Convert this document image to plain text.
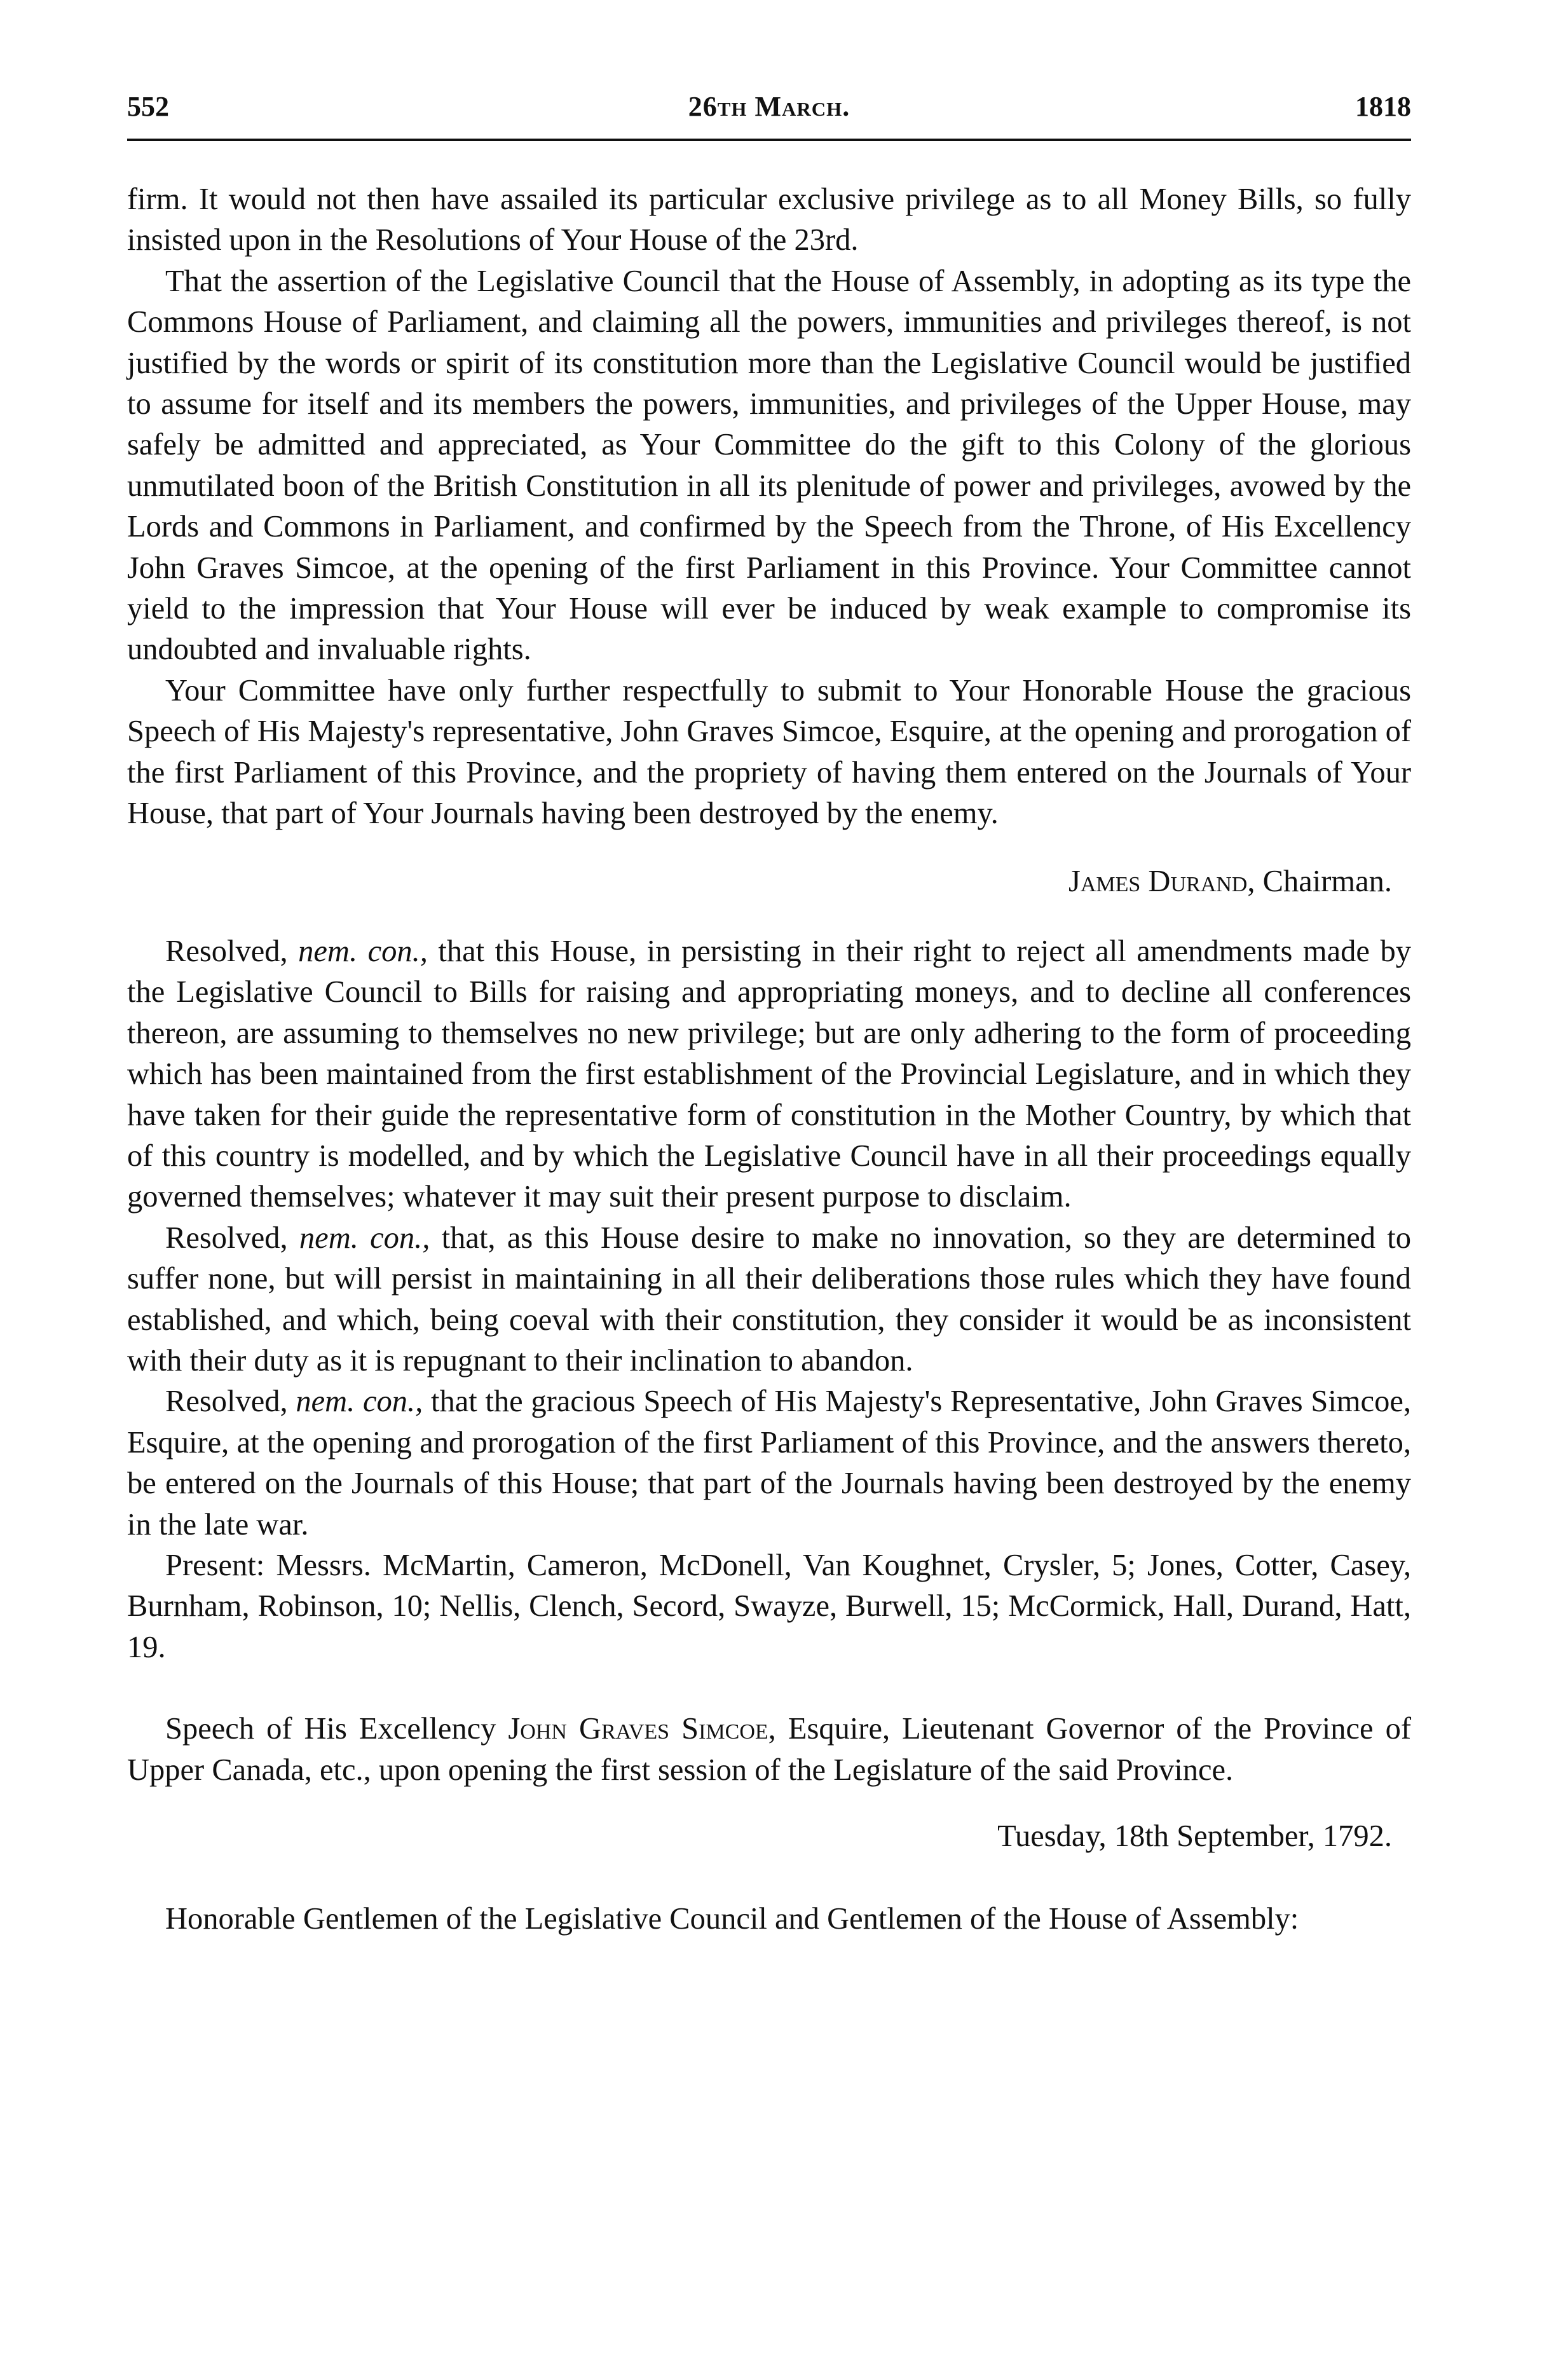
552	26th March.	1818

firm. It would not then have assailed its particular exclusive privilege as to all Money Bills, so fully insisted upon in the Resolutions of Your House of the 23rd.

That the assertion of the Legislative Council that the House of Assembly, in adopting as its type the Commons House of Parliament, and claiming all the powers, immunities and privileges thereof, is not justified by the words or spirit of its constitution more than the Legislative Council would be justified to assume for itself and its members the powers, immunities, and privileges of the Upper House, may safely be admitted and appreciated, as Your Committee do the gift to this Colony of the glorious unmutilated boon of the British Constitution in all its plenitude of power and privileges, avowed by the Lords and Commons in Parliament, and confirmed by the Speech from the Throne, of His Excellency John Graves Simcoe, at the opening of the first Parliament in this Province. Your Committee cannot yield to the impression that Your House will ever be induced by weak example to compromise its undoubted and invaluable rights.

Your Committee have only further respectfully to submit to Your Honorable House the gracious Speech of His Majesty's representative, John Graves Simcoe, Esquire, at the opening and prorogation of the first Parliament of this Province, and the propriety of having them entered on the Journals of Your House, that part of Your Journals having been destroyed by the enemy.

James Durand, Chairman.

Resolved, nem. con., that this House, in persisting in their right to reject all amendments made by the Legislative Council to Bills for raising and appropriating moneys, and to decline all conferences thereon, are assuming to themselves no new privilege; but are only adhering to the form of proceeding which has been maintained from the first establishment of the Provincial Legislature, and in which they have taken for their guide the representative form of constitution in the Mother Country, by which that of this country is modelled, and by which the Legislative Council have in all their proceedings equally governed themselves; whatever it may suit their present purpose to disclaim.

Resolved, nem. con., that, as this House desire to make no innovation, so they are determined to suffer none, but will persist in maintaining in all their deliberations those rules which they have found established, and which, being coeval with their constitution, they consider it would be as inconsistent with their duty as it is repugnant to their inclination to abandon.

Resolved, nem. con., that the gracious Speech of His Majesty's Representative, John Graves Simcoe, Esquire, at the opening and prorogation of the first Parliament of this Province, and the answers thereto, be entered on the Journals of this House; that part of the Journals having been destroyed by the enemy in the late war.

Present: Messrs. McMartin, Cameron, McDonell, Van Koughnet, Crysler, 5; Jones, Cotter, Casey, Burnham, Robinson, 10; Nellis, Clench, Secord, Swayze, Burwell, 15; McCormick, Hall, Durand, Hatt, 19.

Speech of His Excellency John Graves Simcoe, Esquire, Lieutenant Governor of the Province of Upper Canada, etc., upon opening the first session of the Legislature of the said Province.

Tuesday, 18th September, 1792.

Honorable Gentlemen of the Legislative Council and Gentlemen of the House of Assembly:
